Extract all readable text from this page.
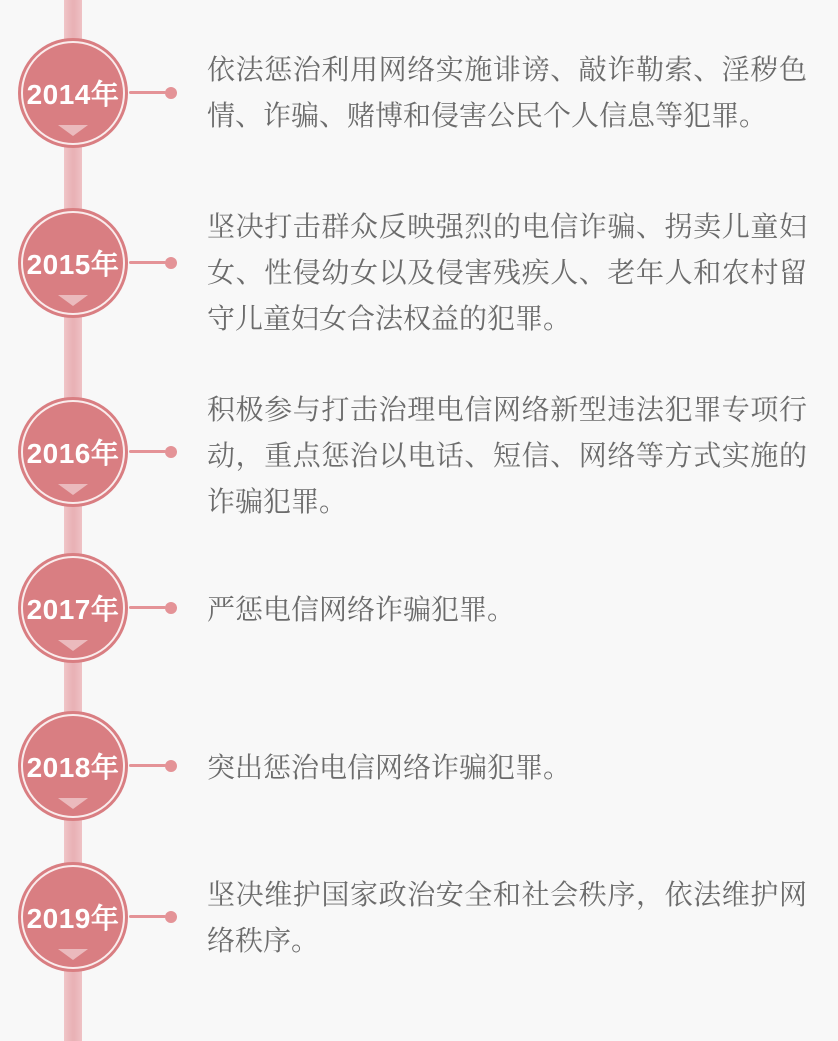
2014年
依法惩治利用网络实施诽谤、敲诈勒索、淫秽色
情、诈骗、赌博和侵害公民个人信息等犯罪。
2015年
坚决打击群众反映强烈的电信诈骗、拐卖儿童妇
女、性侵幼女以及侵害残疾人、老年人和农村留
守儿童妇女合法权益的犯罪。
2016年
积极参与打击治理电信网络新型违法犯罪专项行
动，重点惩治以电话、短信、网络等方式实施的
诈骗犯罪。
2017年	严惩电信网络诈骗犯罪。
2018年	突出惩治电信网络诈骗犯罪。
2019年
坚决维护国家政治安全和社会秩序，依法维护网
络秩序。
